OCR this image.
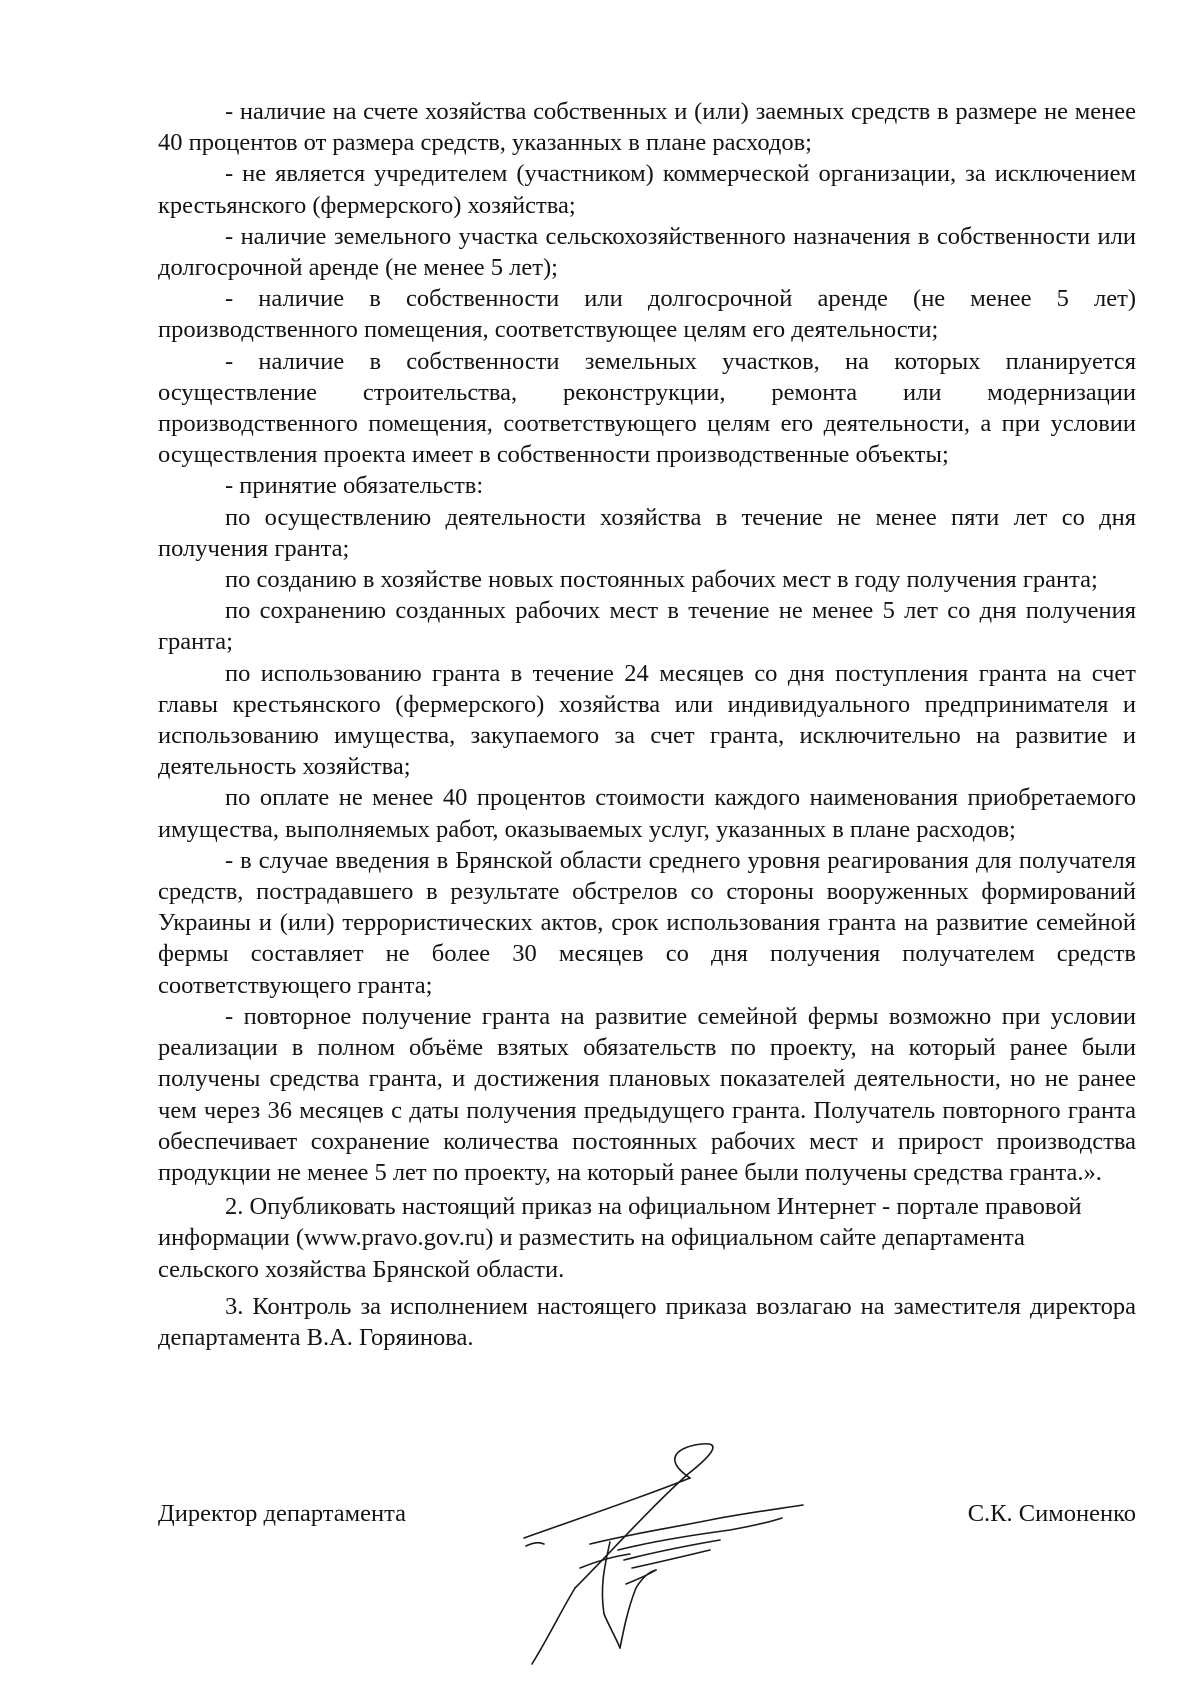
- наличие на счете хозяйства собственных и (или) заемных средств в размере не менее 40 процентов от размера средств, указанных в плане расходов;

- не является учредителем (участником) коммерческой организации, за исключением крестьянского (фермерского) хозяйства;

- наличие земельного участка сельскохозяйственного назначения в собственности или долгосрочной аренде (не менее 5 лет);

- наличие в собственности или долгосрочной аренде (не менее 5 лет) производственного помещения, соответствующее целям его деятельности;

- наличие в собственности земельных участков, на которых планируется осуществление строительства, реконструкции, ремонта или модернизации производственного помещения, соответствующего целям его деятельности, а при условии осуществления проекта имеет в собственности производственные объекты;

- принятие обязательств:

по осуществлению деятельности хозяйства в течение не менее пяти лет со дня получения гранта;

по созданию в хозяйстве новых постоянных рабочих мест в году получения гранта;

по сохранению созданных рабочих мест в течение не менее 5 лет со дня получения гранта;

по использованию гранта в течение 24 месяцев со дня поступления гранта на счет главы крестьянского (фермерского) хозяйства или индивидуального предпринимателя и использованию имущества, закупаемого за счет гранта, исключительно на развитие и деятельность хозяйства;

по оплате не менее 40 процентов стоимости каждого наименования приобретаемого имущества, выполняемых работ, оказываемых услуг, указанных в плане расходов;

- в случае введения в Брянской области среднего уровня реагирования для получателя средств, пострадавшего в результате обстрелов со стороны вооруженных формирований Украины и (или) террористических актов, срок использования гранта на развитие семейной фермы составляет не более 30 месяцев со дня получения получателем средств соответствующего гранта;

- повторное получение гранта на развитие семейной фермы возможно при условии реализации в полном объёме взятых обязательств по проекту, на который ранее были получены средства гранта, и достижения плановых показателей деятельности, но не ранее чем через 36 месяцев с даты получения предыдущего гранта. Получатель повторного гранта обеспечивает сохранение количества постоянных рабочих мест и прирост производства продукции не менее 5 лет по проекту, на который ранее были получены средства гранта.».

2. Опубликовать настоящий приказ на официальном Интернет - портале правовой информации (www.pravo.gov.ru) и разместить на официальном сайте департамента сельского хозяйства Брянской области.

3. Контроль за исполнением настоящего приказа возлагаю на заместителя директора департамента В.А. Горяинова.

Директор департамента	С.К. Симоненко
